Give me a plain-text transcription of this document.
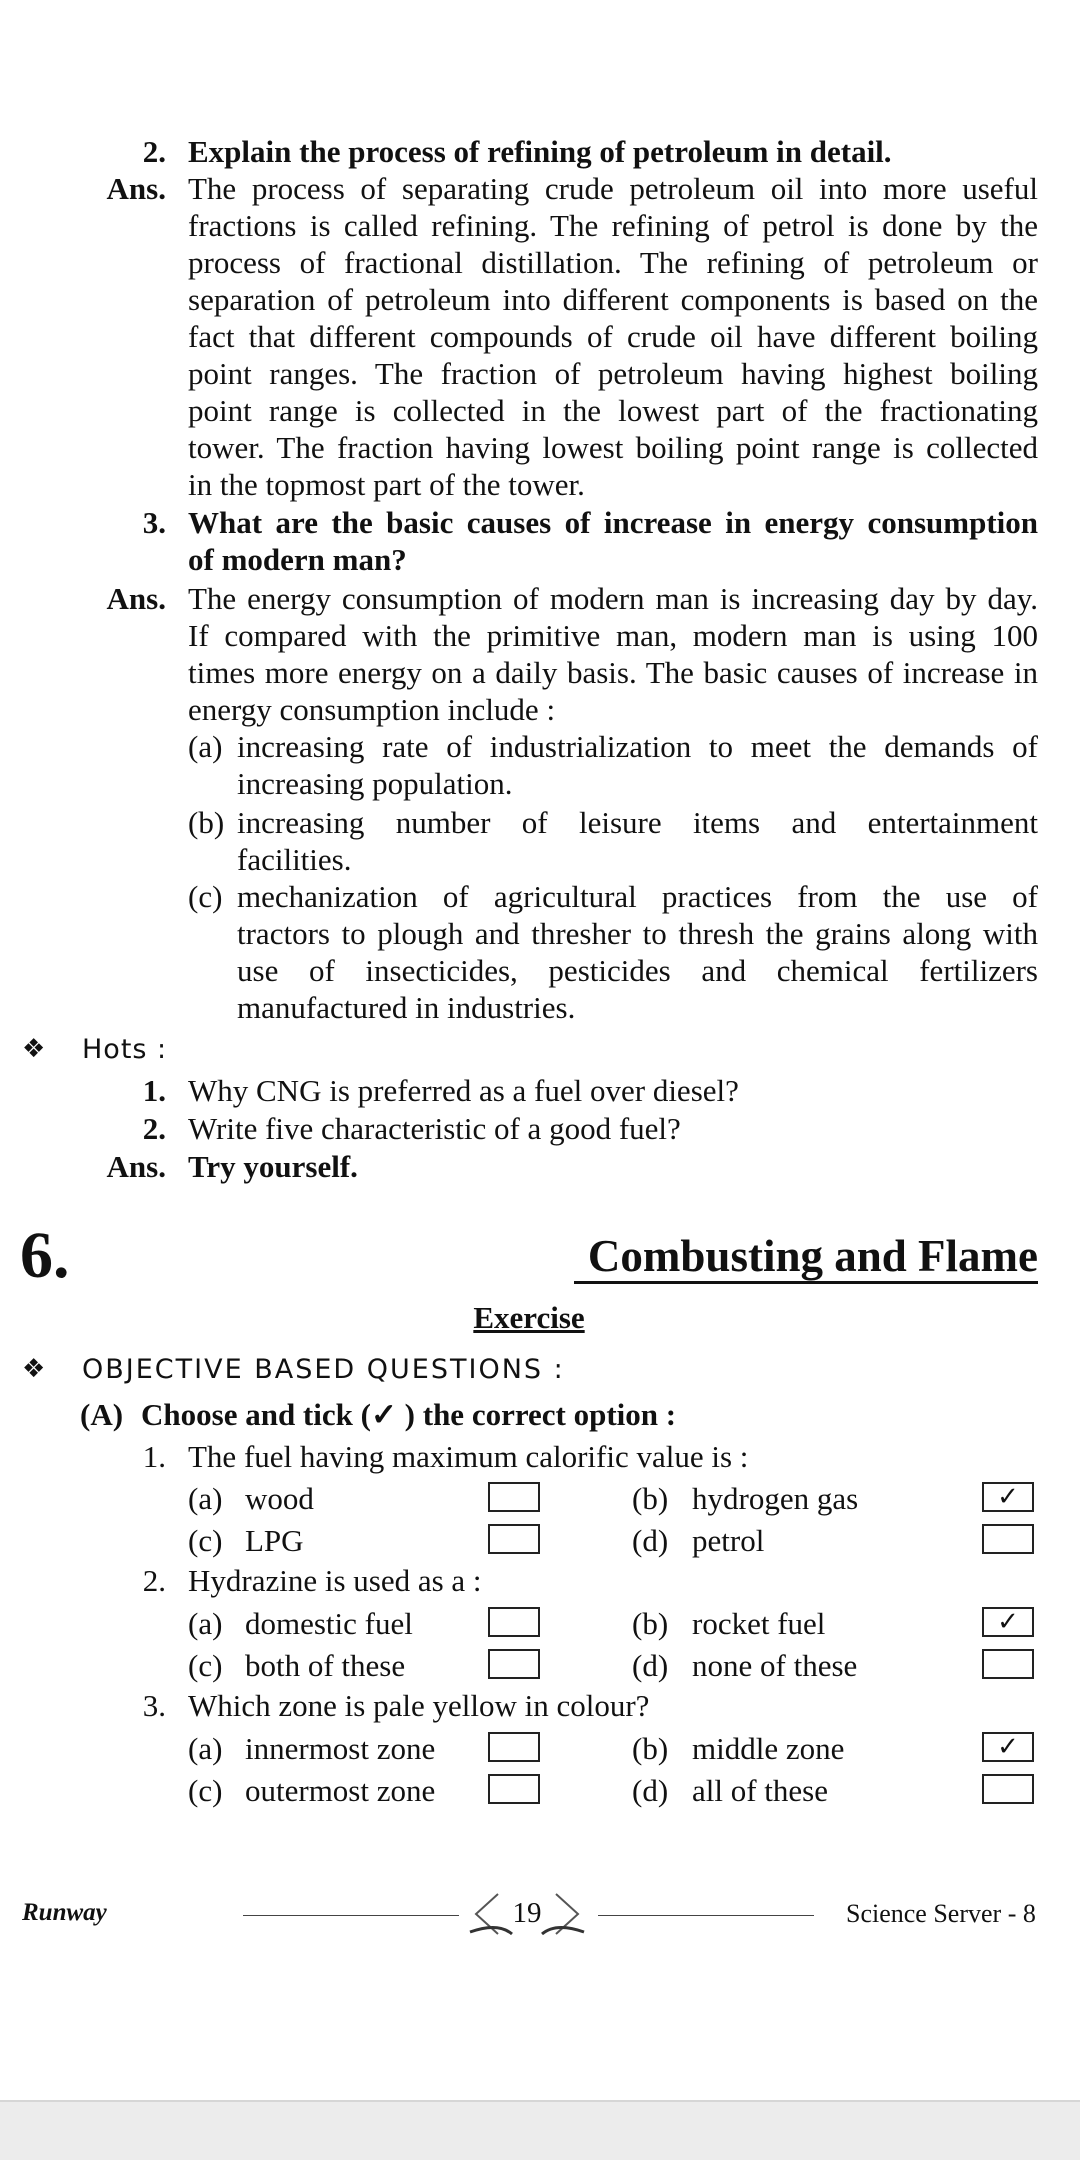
2. Explain the process of refining of petroleum in detail.
Ans. The process of separating crude petroleum oil into more useful
fractions is called refining. The refining of petrol is done by the
process of fractional distillation. The refining of petroleum or
separation of petroleum into different components is based on the
fact that different compounds of crude oil have different boiling
point ranges. The fraction of petroleum having highest boiling
point range is collected in the lowest part of the fractionating
tower. The fraction having lowest boiling point range is collected
in the topmost part of the tower.
3. What are the basic causes of increase in energy consumption
of modern man?
Ans. The energy consumption of modern man is increasing day by day.
If compared with the primitive man, modern man is using 100
times more energy on a daily basis. The basic causes of increase in
energy consumption include :
(a) increasing rate of industrialization to meet the demands of
increasing population.
(b) increasing number of leisure items and entertainment
facilities.
(c) mechanization of agricultural practices from the use of
tractors to plough and thresher to thresh the grains along with
use of insecticides, pesticides and chemical fertilizers
manufactured in industries.
❖ Hots :
1. Why CNG is preferred as a fuel over diesel?
2. Write five characteristic of a good fuel?
Ans. Try yourself.
6.	Combusting and Flame
Exercise
❖ OBJECTIVE BASED QUESTIONS :
(A) Choose and tick (✓ ) the correct option :
1. The fuel having maximum calorific value is :
(a) wood	(b) hydrogen gas	✓
(c) LPG	(d) petrol
2. Hydrazine is used as a :
(a) domestic fuel	(b) rocket fuel	✓
(c) both of these	(d) none of these
3. Which zone is pale yellow in colour?
(a) innermost zone	(b) middle zone	✓
(c) outermost zone	(d) all of these
Runway	19	Science Server - 8
